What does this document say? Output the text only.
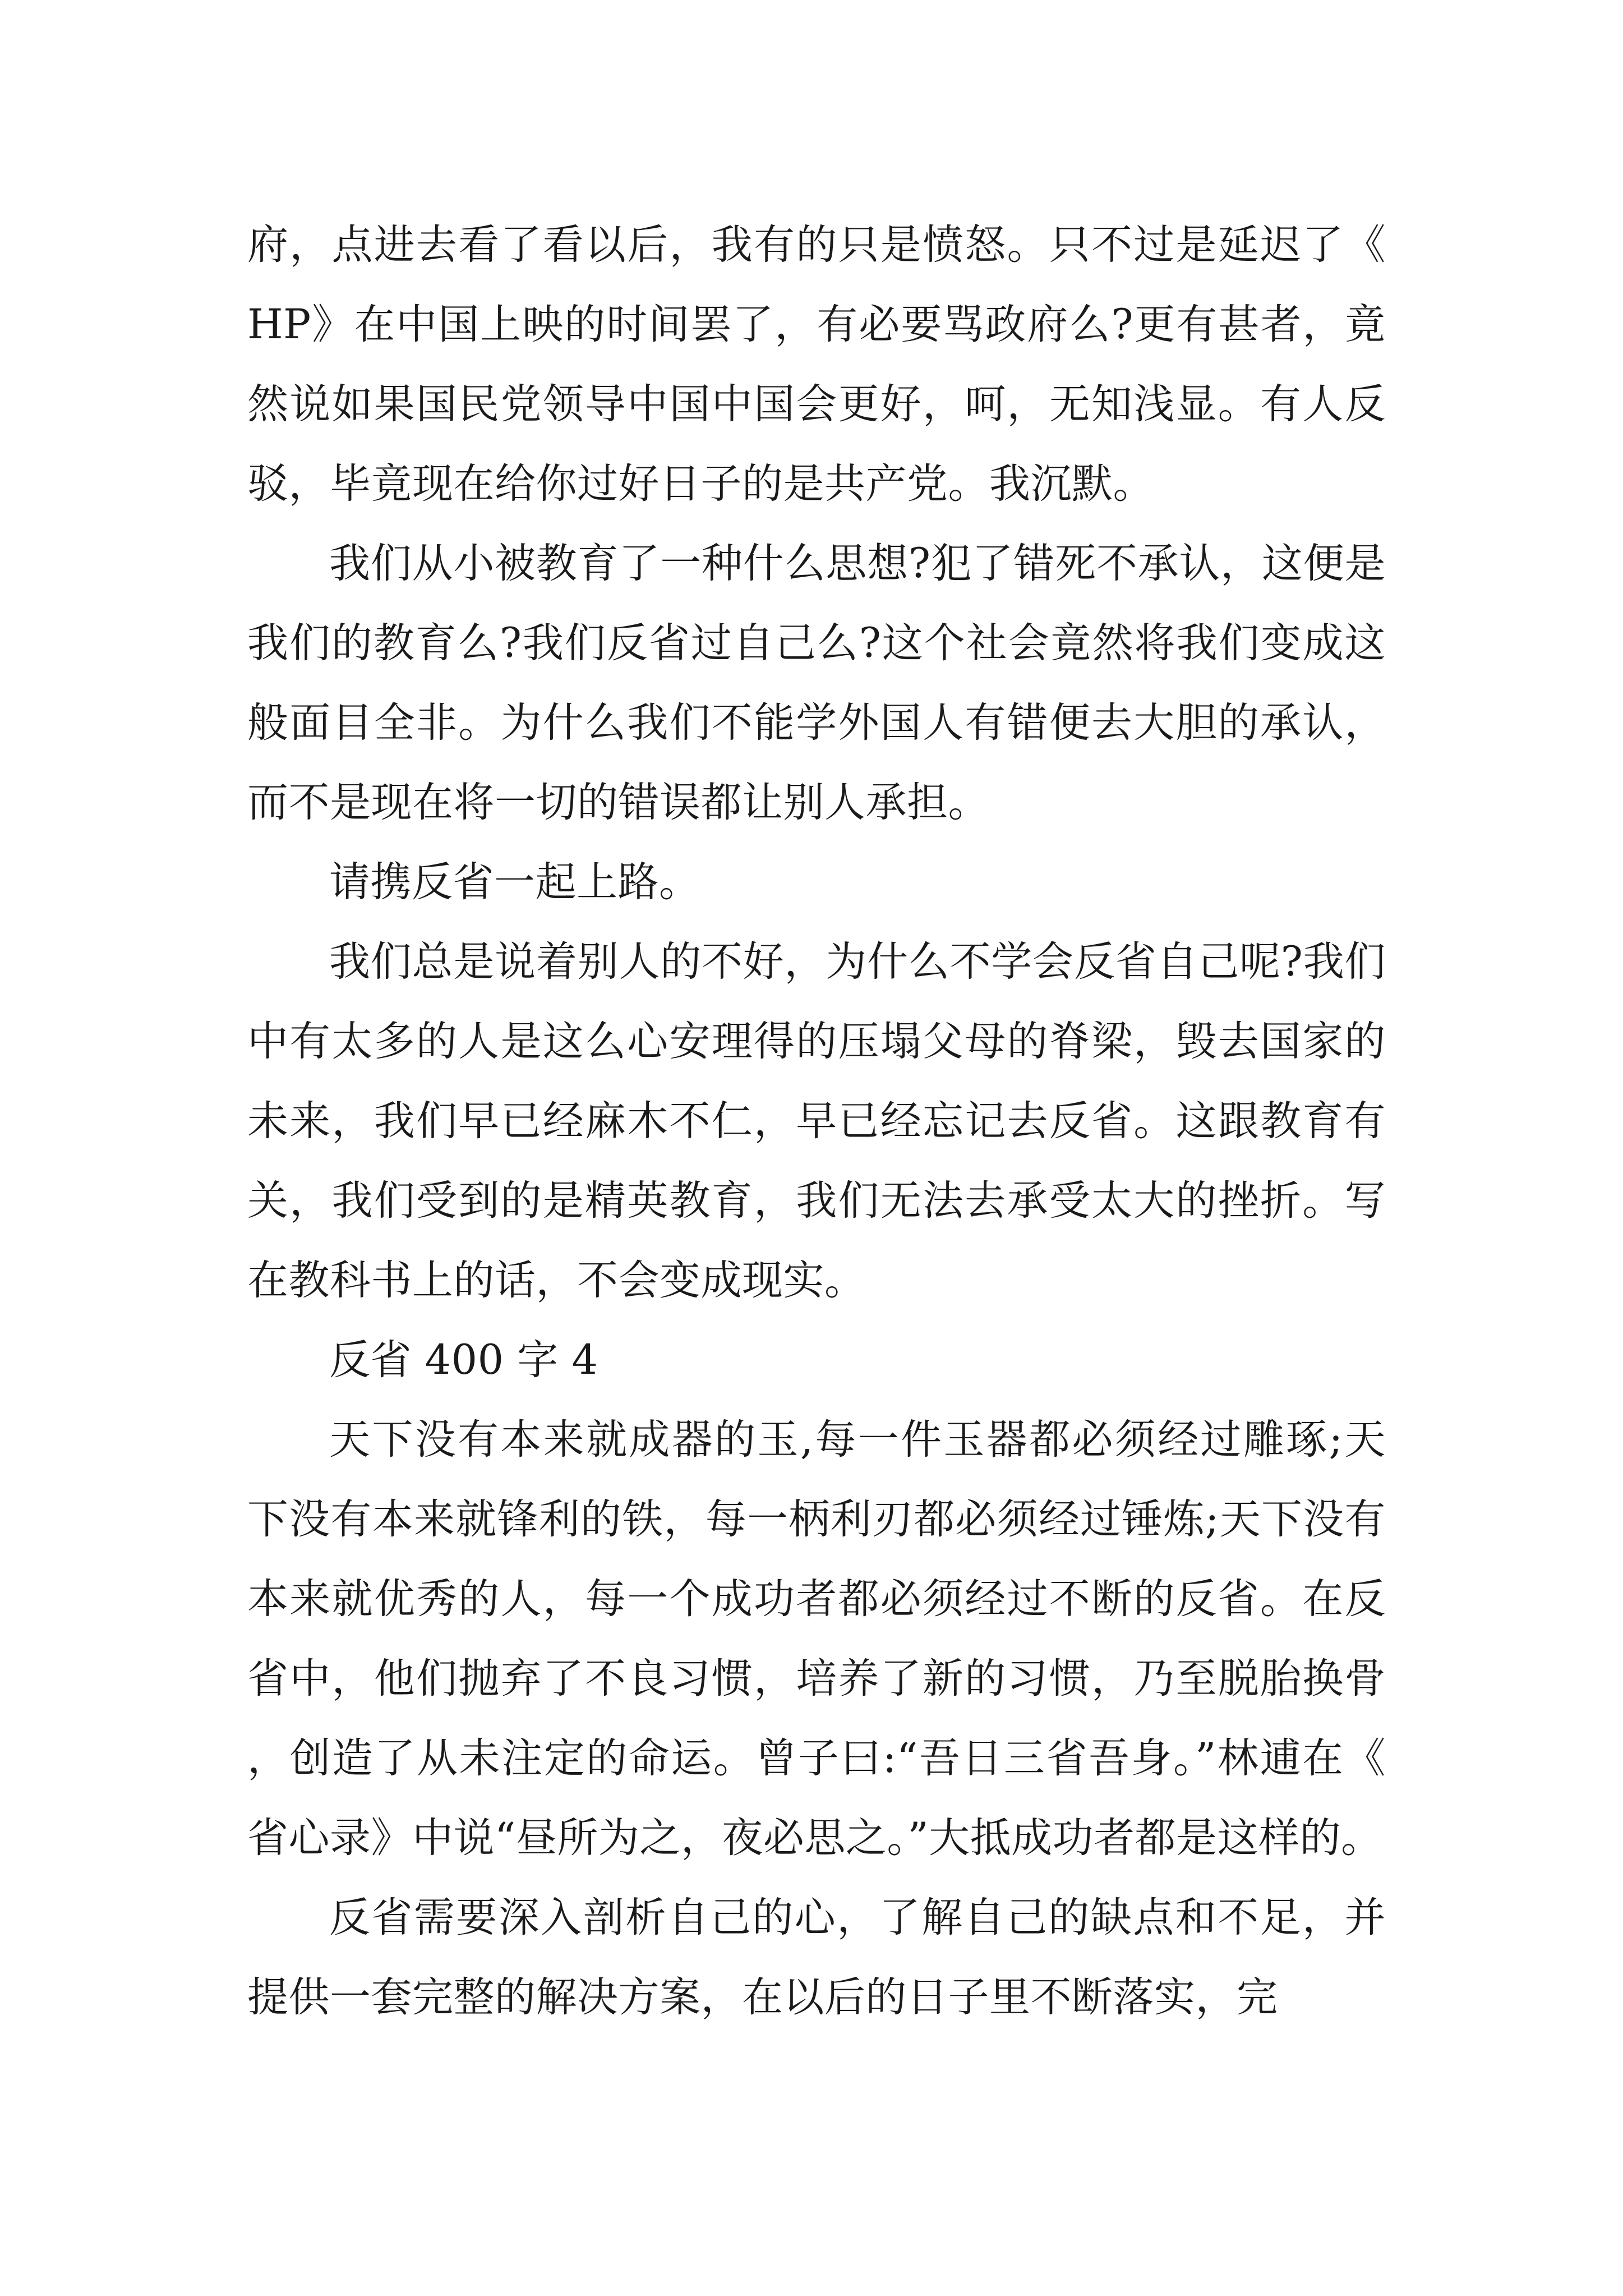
府，点进去看了看以后，我有的只是愤怒。只不过是延迟了《HP》在中国上映的时间罢了，有必要骂政府么?更有甚者，竟然说如果国民党领导中国中国会更好，呵，无知浅显。有人反驳，毕竟现在给你过好日子的是共产党。我沉默。

我们从小被教育了一种什么思想?犯了错死不承认，这便是我们的教育么?我们反省过自己么?这个社会竟然将我们变成这般面目全非。为什么我们不能学外国人有错便去大胆的承认，而不是现在将一切的错误都让别人承担。

请携反省一起上路。

我们总是说着别人的不好，为什么不学会反省自己呢?我们中有太多的人是这么心安理得的压塌父母的脊梁，毁去国家的未来，我们早已经麻木不仁，早已经忘记去反省。这跟教育有关，我们受到的是精英教育，我们无法去承受太大的挫折。写在教科书上的话，不会变成现实。

反省 400 字 4

天下没有本来就成器的玉,每一件玉器都必须经过雕琢;天下没有本来就锋利的铁，每一柄利刃都必须经过锤炼;天下没有本来就优秀的人，每一个成功者都必须经过不断的反省。在反省中，他们抛弃了不良习惯，培养了新的习惯，乃至脱胎换骨，创造了从未注定的命运。曾子曰:“吾日三省吾身。”林逋在《省心录》中说“昼所为之，夜必思之。”大抵成功者都是这样的。

反省需要深入剖析自己的心，了解自己的缺点和不足，并提供一套完整的解决方案，在以后的日子里不断落实，完
